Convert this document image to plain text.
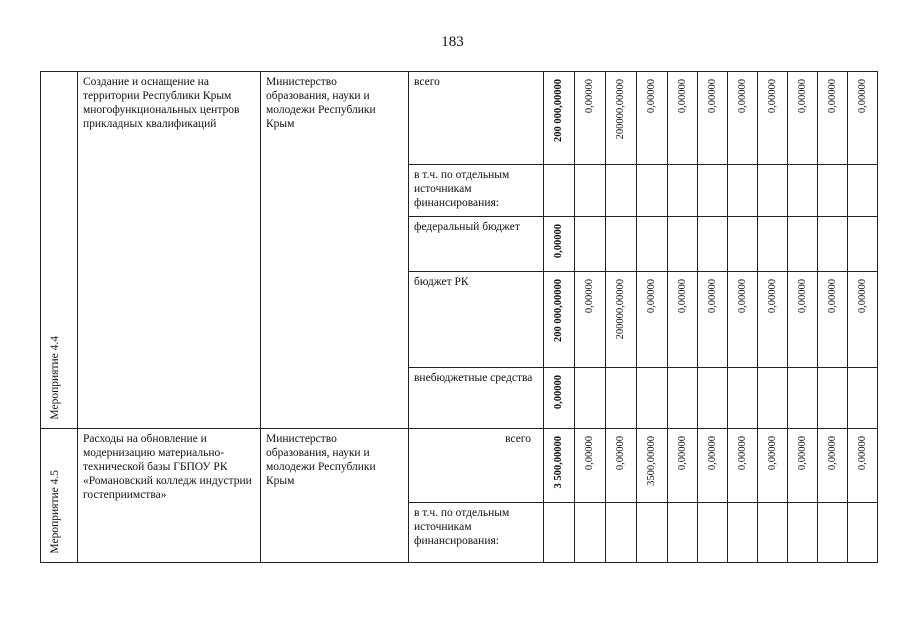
183
Мероприятие 4.4	Создание и оснащение на территории Республики Крым многофункциональных центров прикладных квалификаций	Министерство образования, науки и молодежи Республики Крым	всего	200 000,00000	0,00000	200000,00000	0,00000	0,00000	0,00000	0,00000	0,00000	0,00000	0,00000	0,00000

			в т.ч. по отдельным источникам финансирования:											
			федеральный бюджет	0,00000										

			бюджет РК	200 000,00000	0,00000	200000,00000	0,00000	0,00000	0,00000	0,00000	0,00000	0,00000	0,00000	0,00000

			внебюджетные средства	0,00000										

Мероприятие 4.5	Расходы на обновление и модернизацию материально-технической базы ГБПОУ РК «Романовский колледж индустрии гостеприимства»	Министерство образования, науки и молодежи Республики Крым	всего	3 500,00000	0,00000	0,00000	3500,00000	0,00000	0,00000	0,00000	0,00000	0,00000	0,00000	0,00000

			в т.ч. по отдельным источникам финансирования:											
